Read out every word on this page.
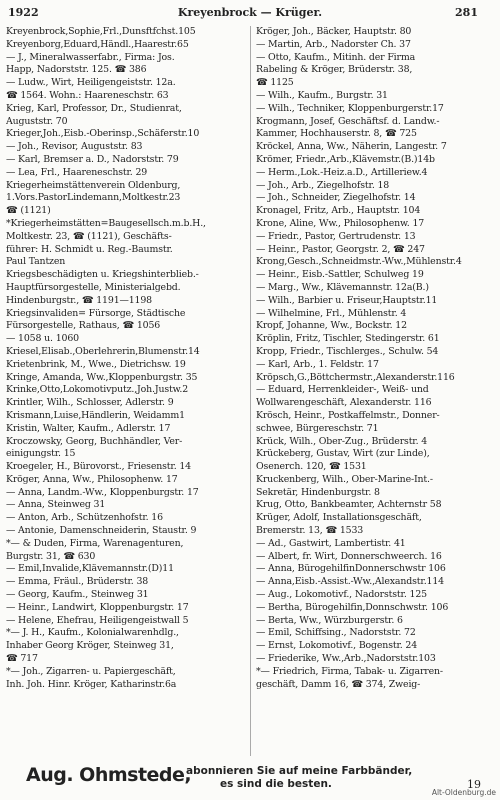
1922	Kreyenbrock — Krüger.	281
Kreyenbrock,Sophie,Frl.,Dunsftfchst.105
Kreyenborg,Eduard,Händl.,Haarestr.65
— J., Mineralwasserfabr., Firma: Jos.
Happ, Nadorststr. 125. ☎ 386
— Ludw., Wirt, Heiligengeiststr. 12a.
☎ 1564. Wohn.: Haareneschstr. 63
Krieg, Karl, Professor, Dr., Studienrat,
Auguststr. 70
Krieger,Joh.,Eisb.-Oberinsp.,Schäferstr.10
— Joh., Revisor, Auguststr. 83
— Karl, Bremser a. D., Nadorststr. 79
— Lea, Frl., Haareneschstr. 29
Kriegerheimstättenverein Oldenburg,
1.Vors.PastorLindemann,Moltkestr.23
☎ (1121)
*Kriegerheimstätten=Baugesellsch.m.b.H.,
Moltkestr. 23, ☎ (1121), Geschäfts-
führer: H. Schmidt u. Reg.-Baumstr.
Paul Tantzen
Kriegsbeschädigten u. Kriegshinterblieb.-
Hauptfürsorgestelle, Ministerialgebd.
Hindenburgstr., ☎ 1191—1198
Kriegsinvaliden= Fürsorge, Städtische
Fürsorgestelle, Rathaus, ☎ 1056
— 1058 u. 1060
Kriesel,Elisab.,Oberlehrerin,Blumenstr.14
Krietenbrink, M., Wwe., Dietrichsw. 19
Kringe, Amanda, Ww.,Kloppenburgstr. 35
Krinke,Otto,Lokomotivputz.,Joh.Justw.2
Krintler, Wilh., Schlosser, Adlerstr. 9
Krismann,Luise,Händlerin, Weidamm1
Kristin, Walter, Kaufm., Adlerstr. 17
Kroczowsky, Georg, Buchhändler, Ver-
einigungstr. 15
Kroegeler, H., Bürovorst., Friesenstr. 14
Kröger, Anna, Ww., Philosophenw. 17
— Anna, Landm.-Ww., Kloppenburgstr. 17
— Anna, Steinweg 31
— Anton, Arb., Schützenhofstr. 16
— Antonie, Damenschneiderin, Staustr. 9
*— & Duden, Firma, Warenagenturen,
Burgstr. 31, ☎ 630
— Emil,Invalide,Klävemannstr.(D)11
— Emma, Fräul., Brüderstr. 38
— Georg, Kaufm., Steinweg 31
— Heinr., Landwirt, Kloppenburgstr. 17
— Helene, Ehefrau, Heiligengeistwall 5
*— J. H., Kaufm., Kolonialwarenhdlg.,
Inhaber Georg Kröger, Steinweg 31,
☎ 717
*— Joh., Zigarren- u. Papiergeschäft,
Inh. Joh. Hinr. Kröger, Katharinstr.6a
Kröger, Joh., Bäcker, Hauptstr. 80
— Martin, Arb., Nadorster Ch. 37
— Otto, Kaufm., Mitinh. der Firma
Rabeling & Kröger, Brüderstr. 38,
☎ 1125
— Wilh., Kaufm., Burgstr. 31
— Wilh., Techniker, Kloppenburgerstr.17
Krogmann, Josef, Geschäftsf. d. Landw.-
Kammer, Hochhauserstr. 8, ☎ 725
Kröckel, Anna, Ww., Näherin, Langestr. 7
Krömer, Friedr.,Arb.,Klävemstr.(B.)14b
— Herm.,Lok.-Heiz.a.D., Artilleriew.4
— Joh., Arb., Ziegelhofstr. 18
— Joh., Schneider, Ziegelhofstr. 14
Kronagel, Fritz, Arb., Hauptstr. 104
Krone, Aline, Ww., Philosophenw. 17
— Friedr., Pastor, Gertrudenstr. 13
— Heinr., Pastor, Georgstr. 2, ☎ 247
Krong,Gesch.,Schneidmstr.-Ww.,Mühlenstr.4
— Heinr., Eisb.-Sattler, Schulweg 19
— Marg., Ww., Klävemannstr. 12a(B.)
— Wilh., Barbier u. Friseur,Hauptstr.11
— Wilhelmine, Frl., Mühlenstr. 4
Kropf, Johanne, Ww., Bockstr. 12
Kröplin, Fritz, Tischler, Stedingerstr. 61
Kropp, Friedr., Tischlerges., Schulw. 54
— Karl, Arb., 1. Feldstr. 17
Kröpsch,G.,Böttchermstr.,Alexanderstr.116
— Eduard, Herrenkleider-, Weiß- und
Wollwarengeschäft, Alexanderstr. 116
Krösch, Heinr., Postkaffelmstr., Donner-
schwee, Bürgereschstr. 71
Krück, Wilh., Ober-Zug., Brüderstr. 4
Krückeberg, Gustav, Wirt (zur Linde),
Osenerch. 120, ☎ 1531
Kruckenberg, Wilh., Ober-Marine-Int.-
Sekretär, Hindenburgstr. 8
Krug, Otto, Bankbeamter, Achternstr 58
Krüger, Adolf, Installationsgeschäft,
Bremerstr. 13, ☎ 1533
— Ad., Gastwirt, Lambertistr. 41
— Albert, fr. Wirt, Donnerschweerch. 16
— Anna, BürogehilfinDonnerschwstr 106
— Anna,Eisb.-Assist.-Ww.,Alexandstr.114
— Aug., Lokomotivf., Nadorststr. 125
— Bertha, Bürogehilfin,Donnschwstr. 106
— Berta, Ww., Würzburgerstr. 6
— Emil, Schiffsing., Nadorststr. 72
— Ernst, Lokomotivf., Bogenstr. 24
— Friederike, Ww.,Arb.,Nadorststr.103
*— Friedrich, Firma, Tabak- u. Zigarren-
geschäft, Damm 16, ☎ 374, Zweig-
Aug. Ohmstede,
abonnieren Sie auf meine Farbbänder,
es sind die besten.	19
Alt-Oldenburg.de
